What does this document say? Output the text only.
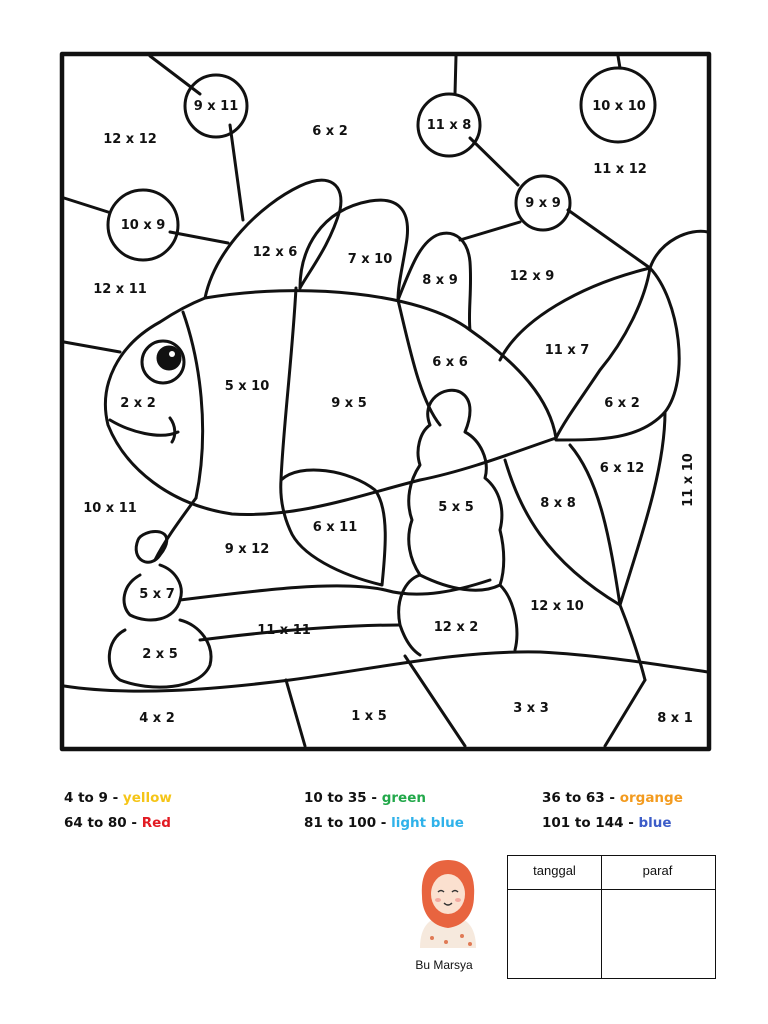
9 x 11
12 x 12
6 x 2	11 x 8
10 x 10
11 x 12
9 x 9
10 x 9
12 x 6	7 x 10
8 x 9	12 x 9
12 x 11
11 x 7
6 x 6
5 x 10
9 x 5
2 x 2	6 x 2
6 x 12	11 x 10
10 x 11	8 x 8
5 x 5
6 x 11
9 x 12
5 x 7
12 x 10
11 x 11	12 x 2
2 x 5
4 x 2	1 x 5
3 x 3
8 x 1
4 to 9 - yellow	10 to 35 - green	36 to 63 - organge
64 to 80 - Red	81 to 100 - light blue	101 to 144 - blue
Bu Marsya
tanggal	paraf
